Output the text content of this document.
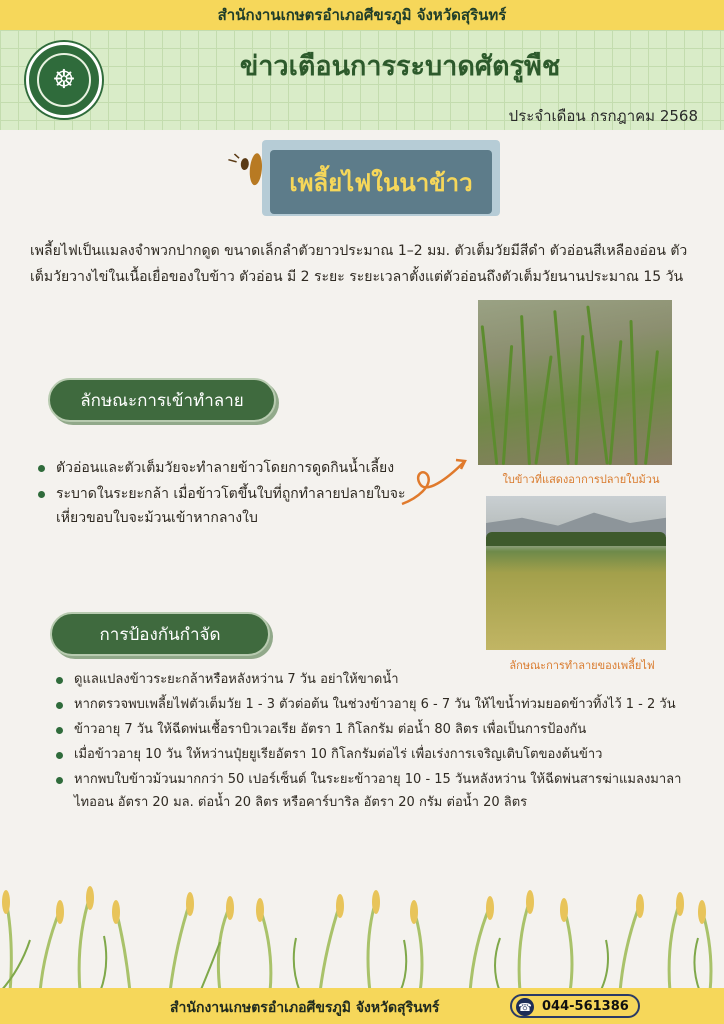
สำนักงานเกษตรอำเภอศีขรภูมิ จังหวัดสุรินทร์
☸	ข่าวเตือนการระบาดศัตรูพืช
ประจำเดือน กรกฎาคม 2568
เพลี้ยไฟในนาข้าว

เพลี้ยไฟเป็นแมลงจำพวกปากดูด ขนาดเล็กลำตัวยาวประมาณ 1–2 มม. ตัวเต็มวัยมีสีดำ ตัวอ่อนสีเหลืองอ่อน ตัวเต็มวัยวางไข่ในเนื้อเยื่อของใบข้าว ตัวอ่อน มี 2 ระยะ ระยะเวลาตั้งแต่ตัวอ่อนถึงตัวเต็มวัยนานประมาณ 15 วัน

ลักษณะการเข้าทำลาย
ตัวอ่อนและตัวเต็มวัยจะทำลายข้าวโดยการดูดกินน้ำเลี้ยง
ระบาดในระยะกล้า เมื่อข้าวโตขึ้นใบที่ถูกทำลายปลายใบจะเหี่ยวขอบใบจะม้วนเข้าหากลางใบ
ใบข้าวที่แสดงอาการปลายใบม้วน
ลักษณะการทำลายของเพลี้ยไฟ
การป้องกันกำจัด
ดูแลแปลงข้าวระยะกล้าหรือหลังหว่าน 7 วัน อย่าให้ขาดน้ำ
หากตรวจพบเพลี้ยไฟตัวเต็มวัย 1 - 3 ตัวต่อต้น ในช่วงข้าวอายุ 6 - 7 วัน ให้ไขน้ำท่วมยอดข้าวทิ้งไว้ 1 - 2 วัน
ข้าวอายุ 7 วัน ให้ฉีดพ่นเชื้อราบิวเวอเรีย อัตรา 1 กิโลกรัม ต่อน้ำ 80 ลิตร เพื่อเป็นการป้องกัน
เมื่อข้าวอายุ 10 วัน ให้หว่านปุ๋ยยูเรียอัตรา 10 กิโลกรัมต่อไร่ เพื่อเร่งการเจริญเติบโตของต้นข้าว
หากพบใบข้าวม้วนมากกว่า 50 เปอร์เซ็นต์ ในระยะข้าวอายุ 10 - 15 วันหลังหว่าน ให้ฉีดพ่นสารฆ่าแมลงมาลาไทออน อัตรา 20 มล. ต่อน้ำ 20 ลิตร หรือคาร์บาริล อัตรา 20 กรัม ต่อน้ำ 20 ลิตร
สำนักงานเกษตรอำเภอศีขรภูมิ จังหวัดสุรินทร์	☎ 044-561386
